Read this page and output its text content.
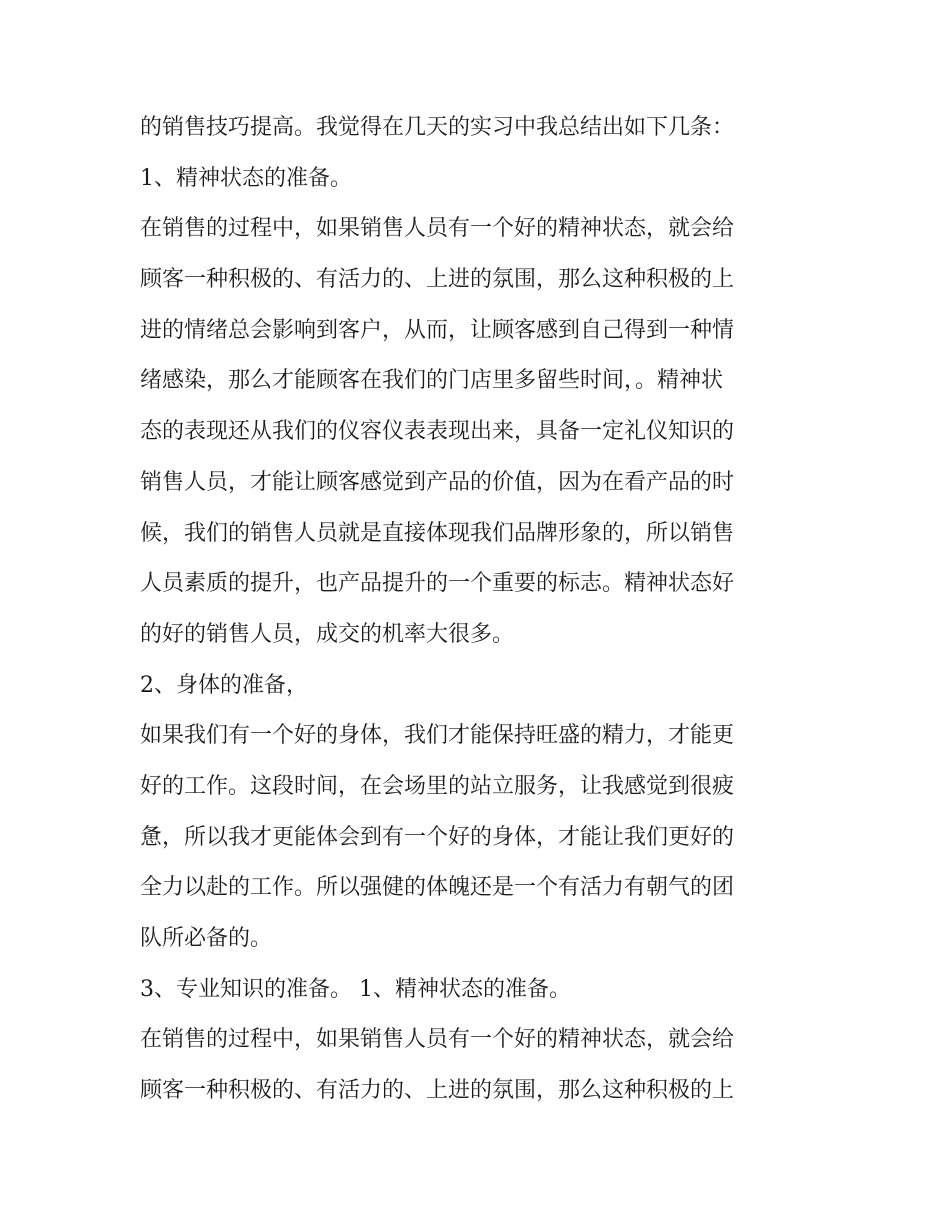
的销售技巧提高。我觉得在几天的实习中我总结出如下几条：

1、精神状态的准备。

在销售的过程中，如果销售人员有一个好的精神状态，就会给

顾客一种积极的、有活力的、上进的氛围，那么这种积极的上

进的情绪总会影响到客户，从而，让顾客感到自己得到一种情

绪感染，那么才能顾客在我们的门店里多留些时间，。精神状

态的表现还从我们的仪容仪表表现出来，具备一定礼仪知识的

销售人员，才能让顾客感觉到产品的价值，因为在看产品的时

候，我们的销售人员就是直接体现我们品牌形象的，所以销售

人员素质的提升，也产品提升的一个重要的标志。精神状态好

的好的销售人员，成交的机率大很多。

2、身体的准备，

如果我们有一个好的身体，我们才能保持旺盛的精力，才能更

好的工作。这段时间，在会场里的站立服务，让我感觉到很疲

惫，所以我才更能体会到有一个好的身体，才能让我们更好的

全力以赴的工作。所以强健的体魄还是一个有活力有朝气的团

队所必备的。

3、专业知识的准备。 1、精神状态的准备。

在销售的过程中，如果销售人员有一个好的精神状态，就会给

顾客一种积极的、有活力的、上进的氛围，那么这种积极的上
